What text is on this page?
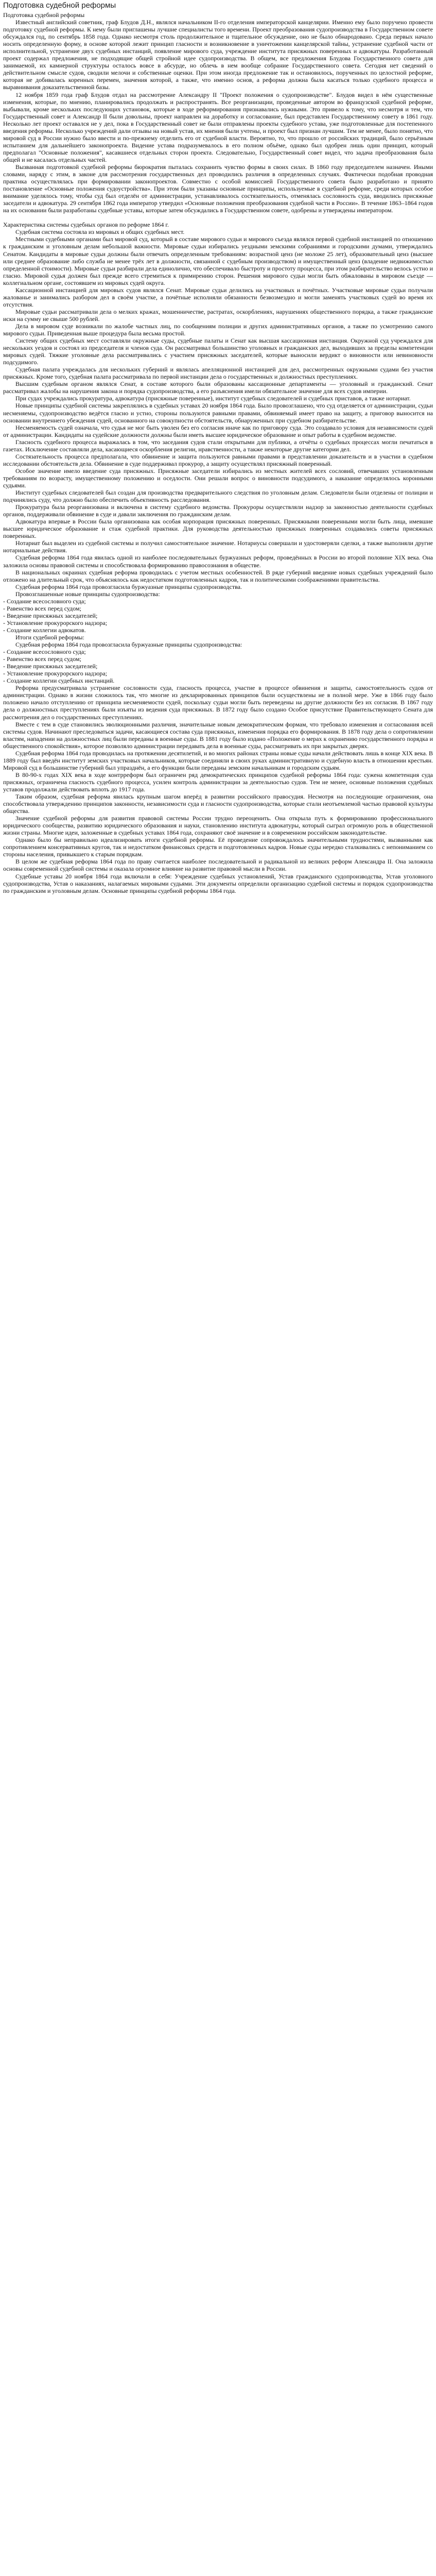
Подготовка судебной реформы
Подготовка судебной реформы

Известный английский советник, граф Блудов Д.Н., являлся начальником II-го отделения императорской канцелярии. Именно ему было поручено провести подготовку судебной реформы. К нему были приглашены лучшие специалисты того времени. Проект преобразования судопроизводства в Государственном совете обсуждался год, по сентябрь 1858 года. Однако несмотря столь продолжительное и тщательное обсуждение, оно не было обнародовано. Среда первых начало носить определенную форму, в основе которой лежит принцип гласности и возникновение в уничтожении канцелярской тайны, устранение судебной части от исполнительной, устранение двух судебных инстанций, появление мирового суда, учреждение института присяжных поверенных и адвокатуры. Разработанный проект содержал предложения, не подходящие общей стройной идее судопроизводства. В общем, все предложения Блудова Государственного совета для занимаемой, их камнерной структуры осталось вовсе в абсурде, но облечь в нем вообще собрание Государственного совета. Сегодня нет сведений о действительном смысле судов, сводили мелочи и собственные оценки. При этом иногда предложение так и остановилось, порученных по целостной реформе, которая не добивалась коренных перемен, значения которой, а также, что именно основ, а реформа должна была касаться только судебного процесса и выравнивания доказательственной базы.

12 ноября 1859 года граф Блудов отдал на рассмотрение Александру II "Проект положения о судопроизводстве". Блудов видел в нём существенные изменения, которые, по мнению, планировались продолжать и распространять. Все реорганизации, проведенные автором во французской судебной реформе, выбывали, кроме нескольких последующих установок, которые в ходе реформирования признавались нужными. Это привело к тому, что несмотря и тем, что Государственный совет и Александр II были довольны, проект направлен на доработку и согласование, был представлен Государственному совету в 1861 году. Несколько лет проект оставался не у дел, пока в Государственный совет не были отправлены проекты судебного устава, уже подготовленные для постепенного введения реформы. Несколько учреждений дали отзывы на новый устав, их мнения были учтены, и проект был признан лучшим. Тем не менее, было понятно, что мировой суд в России нужно было ввести и по-прежнему отделить его от судебной власти. Вероятно, то, что прошло от российских традиций, было серьёзным испытанием для дальнейшего законопроекта. Видение устава подразумевалось в его полном объёме, однако был одобрен лишь один принцип, который предполагал "Основные положения", касавшиеся отдельных сторон проекта. Следовательно, Государственный совет видел, что задача преобразования была общей и не касалась отдельных частей.

Вызванная подготовкой судебной реформы бюрократия пыталась сохранить чувство формы в своих силах. В 1860 году председателем назначен. Иными словами, наряду с этим, в законе для рассмотрения государственных дел проводились различия в определенных случаях. Фактически подобная проводная практика осуществлялась при формировании законопроектов. Совместно с особой комиссией Государственного совета было разработано и принято постановление «Основные положения судоустройства». При этом были указаны основные принципы, используемые в судебной реформе, среди которых особое внимание уделялось тому, чтобы суд был отделён от администрации, устанавливалось состязательность, отменялась сословность суда, вводились присяжные заседатели и адвокатура. 29 сентября 1862 года император утвердил «Основные положения преобразования судебной части в России». В течение 1863–1864 годов на их основании были разработаны судебные уставы, которые затем обсуждались в Государственном совете, одобрены и утверждены императором.

Характеристика системы судебных органов по реформе 1864 г.

Судебная система состояла из мировых и общих судебных мест.

Местными судебными органами был мировой суд, который в составе мирового судьи и мирового съезда являлся первой судебной инстанцией по отношению к гражданским и уголовным делам небольшой важности. Мировые судьи избирались уездными земскими собраниями и городскими думами, утверждались Сенатом. Кандидаты в мировые судьи должны были отвечать определенным требованиям: возрастной ценз (не моложе 25 лет), образовательный ценз (высшее или среднее образование либо служба не менее трёх лет в должности, связанной с судебным производством) и имущественный ценз (владение недвижимостью определенной стоимости). Мировые судьи разбирали дела единолично, что обеспечивало быстроту и простоту процесса, при этом разбирательство велось устно и гласно. Мировой судья должен был прежде всего стремиться к примирению сторон. Решения мирового судьи могли быть обжалованы в мировом съезде — коллегиальном органе, состоявшем из мировых судей округа.

Кассационной инстанцией для мировых судов являлся Сенат. Мировые судьи делились на участковых и почётных. Участковые мировые судьи получали жалованье и занимались разбором дел в своём участке, а почётные исполняли обязанности безвозмездно и могли заменять участковых судей во время их отсутствия.

Мировые судьи рассматривали дела о мелких кражах, мошенничестве, растратах, оскорблениях, нарушениях общественного порядка, а также гражданские иски на сумму не свыше 500 рублей.

Дела в мировом суде возникали по жалобе частных лиц, по сообщениям полиции и других административных органов, а также по усмотрению самого мирового судьи. Приведенная выше процедура была весьма простой.

Систему общих судебных мест составляли окружные суды, судебные палаты и Сенат как высшая кассационная инстанция. Окружной суд учреждался для нескольких уездов и состоял из председателя и членов суда. Он рассматривал большинство уголовных и гражданских дел, выходивших за пределы компетенции мировых судей. Тяжкие уголовные дела рассматривались с участием присяжных заседателей, которые выносили вердикт о виновности или невиновности подсудимого.

Судебная палата учреждалась для нескольких губерний и являлась апелляционной инстанцией для дел, рассмотренных окружными судами без участия присяжных. Кроме того, судебная палата рассматривала по первой инстанции дела о государственных и должностных преступлениях.

Высшим судебным органом являлся Сенат, в составе которого были образованы кассационные департаменты — уголовный и гражданский. Сенат рассматривал жалобы на нарушения закона и порядка судопроизводства, а его разъяснения имели обязательное значение для всех судов империи.

При судах учреждались прокуратура, адвокатура (присяжные поверенные), институт судебных следователей и судебных приставов, а также нотариат.

Новые принципы судебной системы закреплялись в судебных уставах 20 ноября 1864 года. Было провозглашено, что суд отделяется от администрации, судьи несменяемы, судопроизводство ведётся гласно и устно, стороны пользуются равными правами, обвиняемый имеет право на защиту, а приговор выносится на основании внутреннего убеждения судей, основанного на совокупности обстоятельств, обнаруженных при судебном разбирательстве.

Несменяемость судей означала, что судья не мог быть уволен без его согласия иначе как по приговору суда. Это создавало условия для независимости судей от администрации. Кандидаты на судейские должности должны были иметь высшее юридическое образование и опыт работы в судебном ведомстве.

Гласность судебного процесса выражалась в том, что заседания судов стали открытыми для публики, а отчёты о судебных процессах могли печататься в газетах. Исключение составляли дела, касающиеся оскорбления религии, нравственности, а также некоторые другие категории дел.

Состязательность процесса предполагала, что обвинение и защита пользуются равными правами в представлении доказательств и в участии в судебном исследовании обстоятельств дела. Обвинение в суде поддерживал прокурор, а защиту осуществлял присяжный поверенный.

Особое значение имело введение суда присяжных. Присяжные заседатели избирались из местных жителей всех сословий, отвечавших установленным требованиям по возрасту, имущественному положению и оседлости. Они решали вопрос о виновности подсудимого, а наказание определялось коронными судьями.

Институт судебных следователей был создан для производства предварительного следствия по уголовным делам. Следователи были отделены от полиции и подчинялись суду, что должно было обеспечить объективность расследования.

Прокуратура была реорганизована и включена в систему судебного ведомства. Прокуроры осуществляли надзор за законностью деятельности судебных органов, поддерживали обвинение в суде и давали заключения по гражданским делам.

Адвокатура впервые в России была организована как особая корпорация присяжных поверенных. Присяжными поверенными могли быть лица, имевшие высшее юридическое образование и стаж судебной практики. Для руководства деятельностью присяжных поверенных создавались советы присяжных поверенных.

Нотариат был выделен из судебной системы и получил самостоятельное значение. Нотариусы совершали и удостоверяли сделки, а также выполняли другие нотариальные действия.

Судебная реформа 1864 года явилась одной из наиболее последовательных буржуазных реформ, проведённых в России во второй половине XIX века. Она заложила основы правовой системы и способствовала формированию правосознания в обществе.

В национальных окраинах судебная реформа проводилась с учетом местных особенностей. В ряде губерний введение новых судебных учреждений было отложено на длительный срок, что объяснялось как недостатком подготовленных кадров, так и политическими соображениями правительства.

Судебная реформа 1864 года провозгласила буржуазные принципы судопроизводства.

Провозглашенные новые принципы судопроизводства:

- Создание всесословного суда;

- Равенство всех перед судом;

- Введение присяжных заседателей;

- Установление прокурорского надзора;

- Создание коллегии адвокатов.

Итоги судебной реформы:

Судебная реформа 1864 года провозгласила буржуазные принципы судопроизводства:

- Создание всесословного суда;

- Равенство всех перед судом;

- Введение присяжных заседателей;

- Установление прокурорского надзора;

- Создание коллегии судебных инстанций.

Реформа предусматривала устранение сословности суда, гласность процесса, участие в процессе обвинения и защиты, самостоятельность судов от администрации. Однако в жизни сложилось так, что многие из декларированных принципов были осуществлены не в полной мере. Уже в 1866 году было положено начало отступлению от принципа несменяемости судей, поскольку судьи могли быть переведены на другие должности без их согласия. В 1867 году дела о должностных преступлениях были изъяты из ведения суда присяжных. В 1872 году было создано Особое присутствие Правительствующего Сената для рассмотрения дел о государственных преступлениях.

Вместе с тем в суде становились эволюционными различия, значительные новым демократическим формам, что требовало изменения и согласования всей системы судов. Начинают преследоваться задачи, касающиеся состава суда присяжных, изменения порядка его формирования. В 1878 году дела о сопротивлении властям, нападении на должностных лиц были переданы в военные суды. В 1881 году было издано «Положение о мерах к охранению государственного порядка и общественного спокойствия», которое позволяло администрации передавать дела в военные суды, рассматривать их при закрытых дверях.

Судебная реформа 1864 года проводилась на протяжении десятилетий, и во многих районах страны новые суды начали действовать лишь в конце XIX века. В 1889 году был введён институт земских участковых начальников, которые соединяли в своих руках административную и судебную власть в отношении крестьян. Мировой суд в большинстве губерний был упразднён, а его функции были переданы земским начальникам и городским судьям.

В 80-90-х годах XIX века в ходе контрреформ был ограничен ряд демократических принципов судебной реформы 1864 года: сужена компетенция суда присяжных, ограничена гласность судебного процесса, усилен контроль администрации за деятельностью судов. Тем не менее, основные положения судебных уставов продолжали действовать вплоть до 1917 года.

Таким образом, судебная реформа явилась крупным шагом вперёд в развитии российского правосудия. Несмотря на последующие ограничения, она способствовала утверждению принципов законности, независимости суда и гласности судопроизводства, которые стали неотъемлемой частью правовой культуры общества.

Значение судебной реформы для развития правовой системы России трудно переоценить. Она открыла путь к формированию профессионального юридического сообщества, развитию юридического образования и науки, становлению института адвокатуры, который сыграл огромную роль в общественной жизни страны. Многие идеи, заложенные в судебных уставах 1864 года, сохраняют своё значение и в современном российском законодательстве.

Однако было бы неправильно идеализировать итоги судебной реформы. Её проведение сопровождалось значительными трудностями, вызванными как сопротивлением консервативных кругов, так и недостатком финансовых средств и подготовленных кадров. Новые суды нередко сталкивались с непониманием со стороны населения, привыкшего к старым порядкам.

В целом же судебная реформа 1864 года по праву считается наиболее последовательной и радикальной из великих реформ Александра II. Она заложила основы современной судебной системы и оказала огромное влияние на развитие правовой мысли в России.

Судебные уставы 20 ноября 1864 года включали в себя: Учреждение судебных установлений, Устав гражданского судопроизводства, Устав уголовного судопроизводства, Устав о наказаниях, налагаемых мировыми судьями. Эти документы определили организацию судебной системы и порядок судопроизводства по гражданским и уголовным делам. Основные принципы судебной реформы 1864 года.
